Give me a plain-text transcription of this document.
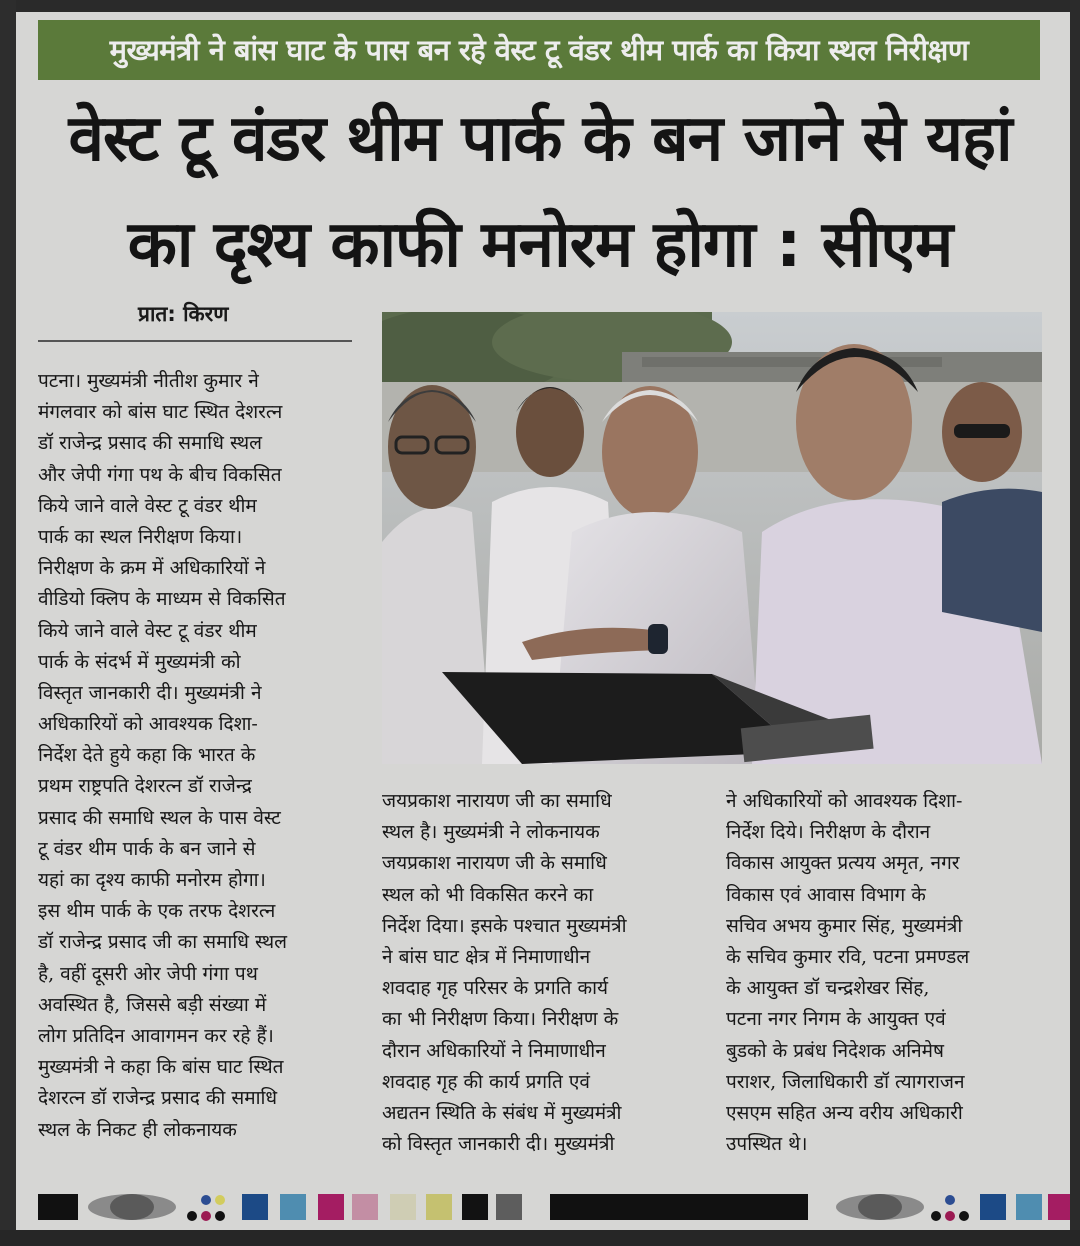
मुख्यमंत्री ने बांस घाट के पास बन रहे वेस्ट टू वंडर थीम पार्क का किया स्थल निरीक्षण
वेस्ट टू वंडर थीम पार्क के बन जाने से यहां
का दृश्य काफी मनोरम होगा : सीएम
प्रात: किरण
पटना। मुख्यमंत्री नीतीश कुमार ने
मंगलवार को बांस घाट स्थित देशरत्न
डॉ राजेन्द्र प्रसाद की समाधि स्थल
और जेपी गंगा पथ के बीच विकसित
किये जाने वाले वेस्ट टू वंडर थीम
पार्क का स्थल निरीक्षण किया।
निरीक्षण के क्रम में अधिकारियों ने
वीडियो क्लिप के माध्यम से विकसित
किये जाने वाले वेस्ट टू वंडर थीम
पार्क के संदर्भ में मुख्यमंत्री को
विस्तृत जानकारी दी। मुख्यमंत्री ने
अधिकारियों को आवश्यक दिशा-
निर्देश देते हुये कहा कि भारत के
प्रथम राष्ट्रपति देशरत्न डॉ राजेन्द्र
प्रसाद की समाधि स्थल के पास वेस्ट
टू वंडर थीम पार्क के बन जाने से
यहां का दृश्य काफी मनोरम होगा।
इस थीम पार्क के एक तरफ देशरत्न
डॉ राजेन्द्र प्रसाद जी का समाधि स्थल
है, वहीं दूसरी ओर जेपी गंगा पथ
अवस्थित है, जिससे बड़ी संख्या में
लोग प्रतिदिन आवागमन कर रहे हैं।
मुख्यमंत्री ने कहा कि बांस घाट स्थित
देशरत्न डॉ राजेन्द्र प्रसाद की समाधि
स्थल के निकट ही लोकनायक
जयप्रकाश नारायण जी का समाधि
स्थल है। मुख्यमंत्री ने लोकनायक
जयप्रकाश नारायण जी के समाधि
स्थल को भी विकसित करने का
निर्देश दिया। इसके पश्चात मुख्यमंत्री
ने बांस घाट क्षेत्र में निमाणाधीन
शवदाह गृह परिसर के प्रगति कार्य
का भी निरीक्षण किया। निरीक्षण के
दौरान अधिकारियों ने निमाणाधीन
शवदाह गृह की कार्य प्रगति एवं
अद्यतन स्थिति के संबंध में मुख्यमंत्री
को विस्तृत जानकारी दी। मुख्यमंत्री
ने अधिकारियों को आवश्यक दिशा-
निर्देश दिये। निरीक्षण के दौरान
विकास आयुक्त प्रत्यय अमृत, नगर
विकास एवं आवास विभाग के
सचिव अभय कुमार सिंह, मुख्यमंत्री
के सचिव कुमार रवि, पटना प्रमण्डल
के आयुक्त डॉ चन्द्रशेखर सिंह,
पटना नगर निगम के आयुक्त एवं
बुडको के प्रबंध निदेशक अनिमेष
पराशर, जिलाधिकारी डॉ त्यागराजन
एसएम सहित अन्य वरीय अधिकारी
उपस्थित थे।
